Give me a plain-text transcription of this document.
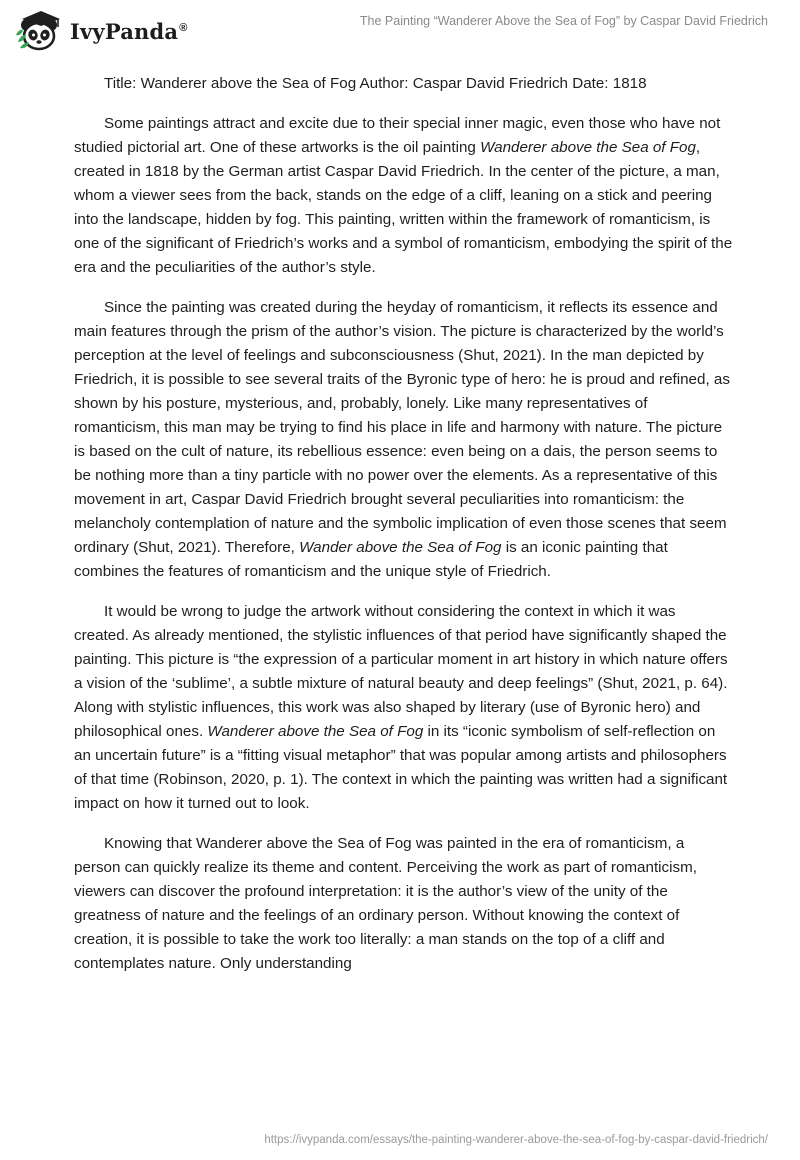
IvyPanda®	The Painting “Wanderer Above the Sea of Fog” by Caspar David Friedrich

Title: Wanderer above the Sea of Fog Author: Caspar David Friedrich Date: 1818

Some paintings attract and excite due to their special inner magic, even those who have not studied pictorial art. One of these artworks is the oil painting Wanderer above the Sea of Fog, created in 1818 by the German artist Caspar David Friedrich. In the center of the picture, a man, whom a viewer sees from the back, stands on the edge of a cliff, leaning on a stick and peering into the landscape, hidden by fog. This painting, written within the framework of romanticism, is one of the significant of Friedrich’s works and a symbol of romanticism, embodying the spirit of the era and the peculiarities of the author’s style.

Since the painting was created during the heyday of romanticism, it reflects its essence and main features through the prism of the author’s vision. The picture is characterized by the world’s perception at the level of feelings and subconsciousness (Shut, 2021). In the man depicted by Friedrich, it is possible to see several traits of the Byronic type of hero: he is proud and refined, as shown by his posture, mysterious, and, probably, lonely. Like many representatives of romanticism, this man may be trying to find his place in life and harmony with nature. The picture is based on the cult of nature, its rebellious essence: even being on a dais, the person seems to be nothing more than a tiny particle with no power over the elements. As a representative of this movement in art, Caspar David Friedrich brought several peculiarities into romanticism: the melancholy contemplation of nature and the symbolic implication of even those scenes that seem ordinary (Shut, 2021). Therefore, Wander above the Sea of Fog is an iconic painting that combines the features of romanticism and the unique style of Friedrich.

It would be wrong to judge the artwork without considering the context in which it was created. As already mentioned, the stylistic influences of that period have significantly shaped the painting. This picture is “the expression of a particular moment in art history in which nature offers a vision of the ‘sublime’, a subtle mixture of natural beauty and deep feelings” (Shut, 2021, p. 64). Along with stylistic influences, this work was also shaped by literary (use of Byronic hero) and philosophical ones. Wanderer above the Sea of Fog in its “iconic symbolism of self-reflection on an uncertain future” is a “fitting visual metaphor” that was popular among artists and philosophers of that time (Robinson, 2020, p. 1). The context in which the painting was written had a significant impact on how it turned out to look.

Knowing that Wanderer above the Sea of Fog was painted in the era of romanticism, a person can quickly realize its theme and content. Perceiving the work as part of romanticism, viewers can discover the profound interpretation: it is the author’s view of the unity of the greatness of nature and the feelings of an ordinary person. Without knowing the context of creation, it is possible to take the work too literally: a man stands on the top of a cliff and contemplates nature. Only understanding

https://ivypanda.com/essays/the-painting-wanderer-above-the-sea-of-fog-by-caspar-david-friedrich/
